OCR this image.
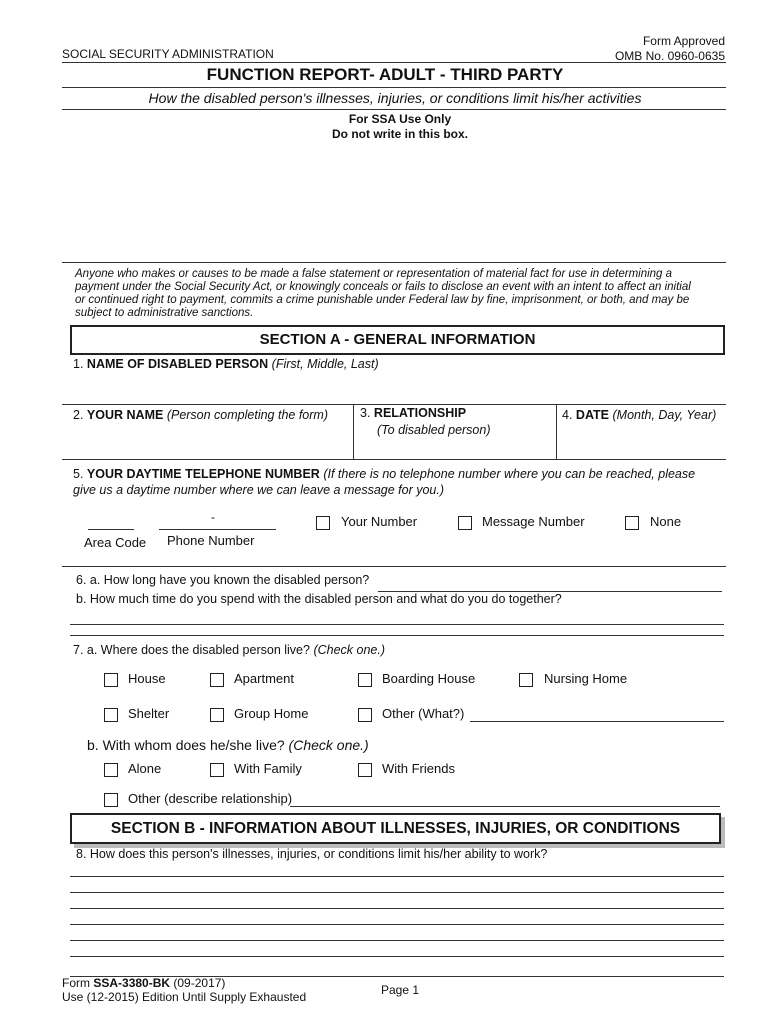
SOCIAL SECURITY ADMINISTRATION
Form Approved
OMB No. 0960-0635
FUNCTION REPORT- ADULT - THIRD PARTY
How the disabled person's illnesses, injuries, or conditions limit his/her activities
For SSA Use Only
Do not write in this box.
Anyone who makes or causes to be made a false statement or representation of material fact for use in determining a
payment under the Social Security Act, or knowingly conceals or fails to disclose an event with an intent to affect an initial
or continued right to payment, commits a crime punishable under Federal law by fine, imprisonment, or both, and may be
subject to administrative sanctions.
SECTION A - GENERAL INFORMATION
1. NAME OF DISABLED PERSON (First, Middle, Last)
2. YOUR NAME (Person completing the form)	3. RELATIONSHIP
(To disabled person)
4. DATE (Month, Day, Year)
5. YOUR DAYTIME TELEPHONE NUMBER (If there is no telephone number where you can be reached, please
give us a daytime number where we can leave a message for you.)
-
Area Code Phone Number
Your Number	Message Number	None
6. a. How long have you known the disabled person?
b. How much time do you spend with the disabled person and what do you do together?
7. a. Where does the disabled person live? (Check one.)
House	Apartment	Boarding House	Nursing Home
Shelter	Group Home	Other (What?)
b. With whom does he/she live? (Check one.)
Alone	With Family	With Friends
Other (describe relationship)
SECTION B - INFORMATION ABOUT ILLNESSES, INJURIES, OR CONDITIONS
8. How does this person's illnesses, injuries, or conditions limit his/her ability to work?
Form SSA-3380-BK (09-2017)
Use (12-2015) Edition Until Supply Exhausted	Page 1
